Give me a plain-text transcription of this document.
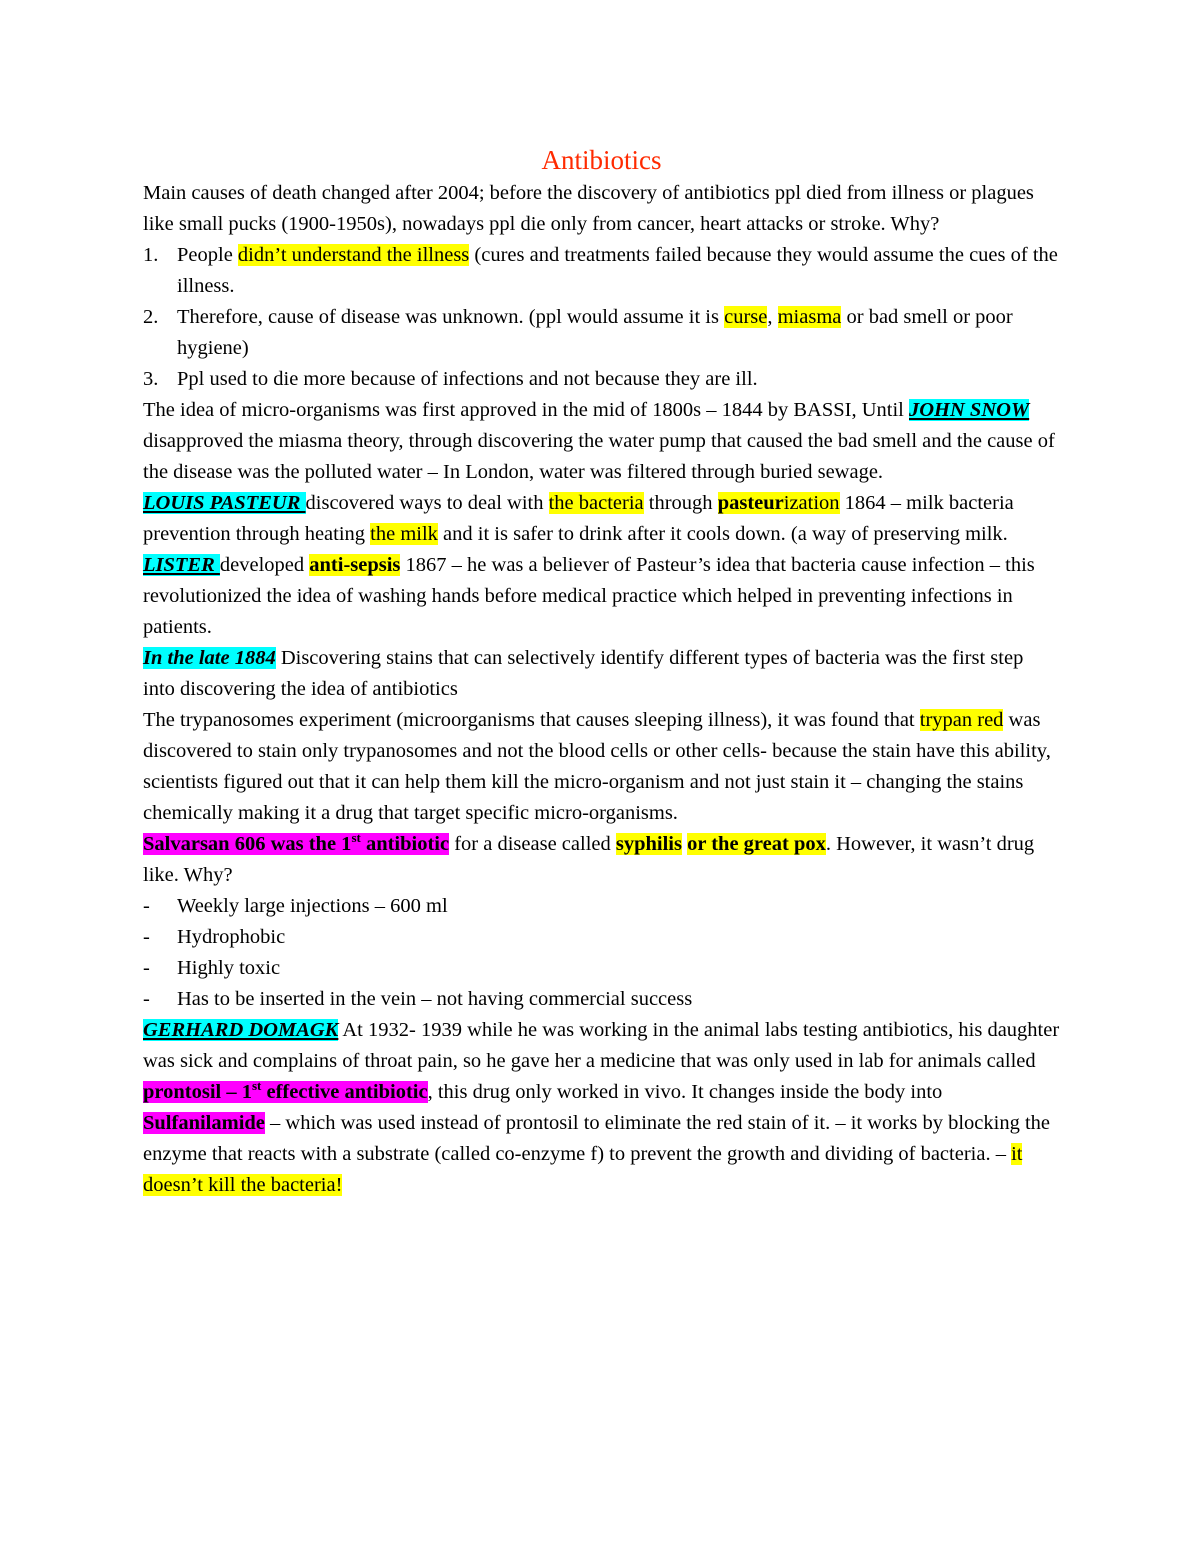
Antibiotics

Main causes of death changed after 2004; before the discovery of antibiotics ppl died from illness or plagues like small pucks (1900-1950s), nowadays ppl die only from cancer, heart attacks or stroke. Why?

1. People didn’t understand the illness (cures and treatments failed because they would assume the cues of the illness.

2. Therefore, cause of disease was unknown. (ppl would assume it is curse, miasma or bad smell or poor hygiene)

3. Ppl used to die more because of infections and not because they are ill.

The idea of micro-organisms was first approved in the mid of 1800s – 1844 by BASSI, Until JOHN SNOW disapproved the miasma theory, through discovering the water pump that caused the bad smell and the cause of the disease was the polluted water – In London, water was filtered through buried sewage.

LOUIS PASTEUR discovered ways to deal with the bacteria through pasteurization 1864 – milk bacteria prevention through heating the milk and it is safer to drink after it cools down. (a way of preserving milk.

LISTER developed anti-sepsis 1867 – he was a believer of Pasteur’s idea that bacteria cause infection – this revolutionized the idea of washing hands before medical practice which helped in preventing infections in patients.

In the late 1884 Discovering stains that can selectively identify different types of bacteria was the first step into discovering the idea of antibiotics

The trypanosomes experiment (microorganisms that causes sleeping illness), it was found that trypan red was discovered to stain only trypanosomes and not the blood cells or other cells- because the stain have this ability, scientists figured out that it can help them kill the micro-organism and not just stain it – changing the stains chemically making it a drug that target specific micro-organisms.

Salvarsan 606 was the 1st antibiotic for a disease called syphilis or the great pox. However, it wasn’t drug like. Why?

- Weekly large injections – 600 ml

- Hydrophobic

- Highly toxic

- Has to be inserted in the vein – not having commercial success

GERHARD DOMAGK At 1932- 1939 while he was working in the animal labs testing antibiotics, his daughter was sick and complains of throat pain, so he gave her a medicine that was only used in lab for animals called prontosil – 1st effective antibiotic, this drug only worked in vivo. It changes inside the body into Sulfanilamide – which was used instead of prontosil to eliminate the red stain of it. – it works by blocking the enzyme that reacts with a substrate (called co-enzyme f) to prevent the growth and dividing of bacteria. – it doesn’t kill the bacteria!
